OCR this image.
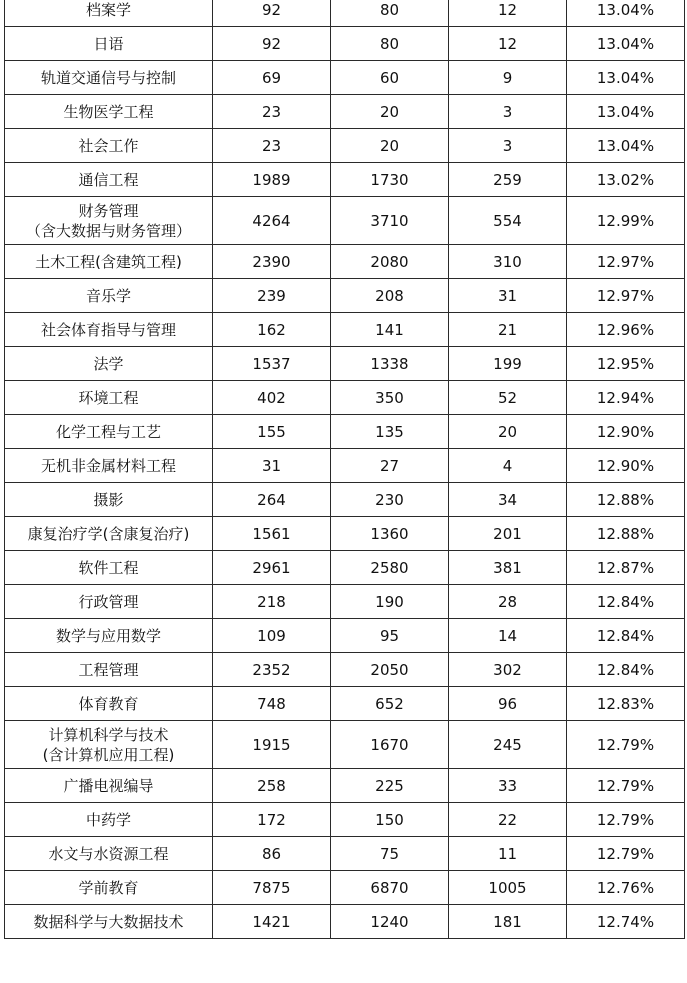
档案学	92	80	12	13.04%

日语	92	80	12	13.04%

轨道交通信号与控制	69	60	9	13.04%

生物医学工程	23	20	3	13.04%

社会工作	23	20	3	13.04%

通信工程	1989	1730	259	13.02%

财务管理
（含大数据与财务管理）	4264	3710	554	12.99%

土木工程(含建筑工程)	2390	2080	310	12.97%

音乐学	239	208	31	12.97%

社会体育指导与管理	162	141	21	12.96%

法学	1537	1338	199	12.95%

环境工程	402	350	52	12.94%

化学工程与工艺	155	135	20	12.90%

无机非金属材料工程	31	27	4	12.90%

摄影	264	230	34	12.88%

康复治疗学(含康复治疗)	1561	1360	201	12.88%

软件工程	2961	2580	381	12.87%

行政管理	218	190	28	12.84%

数学与应用数学	109	95	14	12.84%

工程管理	2352	2050	302	12.84%

体育教育	748	652	96	12.83%

计算机科学与技术
(含计算机应用工程)	1915	1670	245	12.79%

广播电视编导	258	225	33	12.79%

中药学	172	150	22	12.79%

水文与水资源工程	86	75	11	12.79%

学前教育	7875	6870	1005	12.76%

数据科学与大数据技术	1421	1240	181	12.74%
